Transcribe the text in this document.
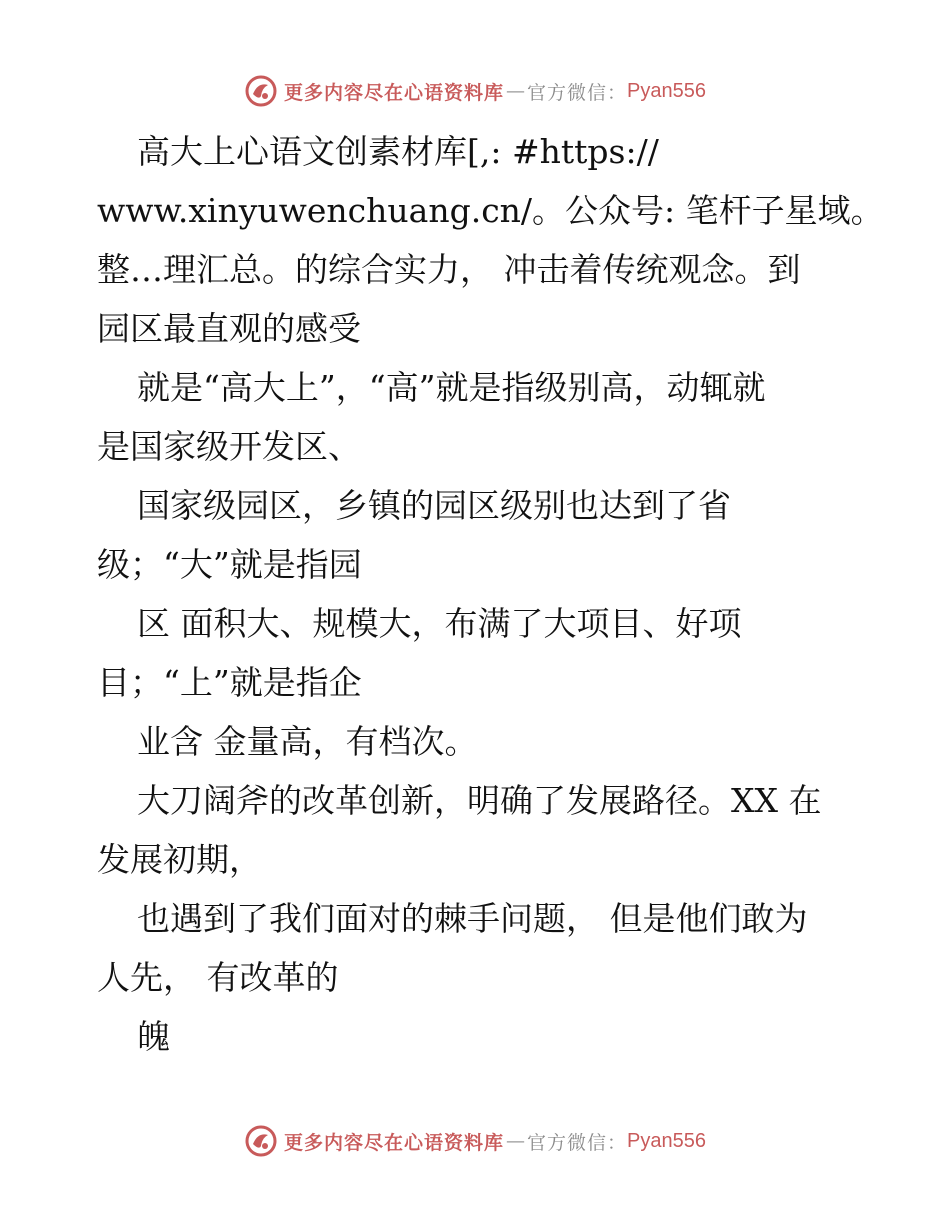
更多内容尽在心语资料库 — 官方微信： Pyan556
高大上心语文创素材库[,: #https://
www.xinyuwenchuang.cn/。公众号: 笔杆子星域。
整…理汇总。的综合实力， 冲击着传统观念。到
园区最直观的感受
就是“高大上”，“高”就是指级别高，动辄就
是国家级开发区、
国家级园区，乡镇的园区级别也达到了省
级；“大”就是指园
区 面积大、规模大，布满了大项目、好项
目；“上”就是指企
业含 金量高，有档次。
大刀阔斧的改革创新，明确了发展路径。XX 在
发展初期，
也遇到了我们面对的棘手问题， 但是他们敢为
人先， 有改革的
魄
更多内容尽在心语资料库 — 官方微信： Pyan556
